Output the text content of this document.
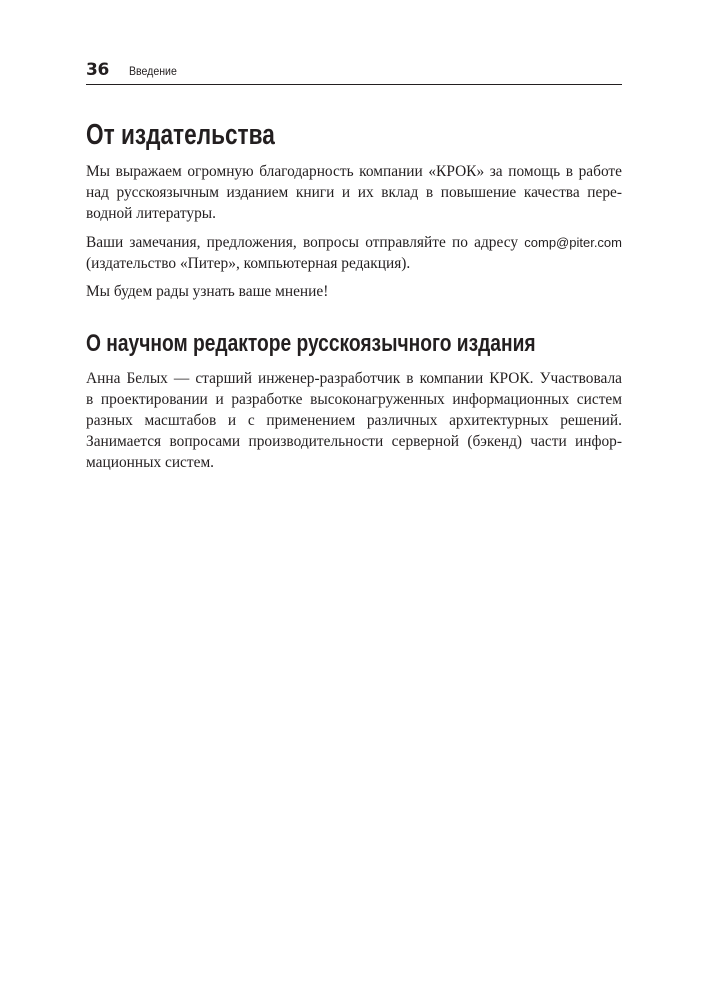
36 Введение
От издательства

Мы выражаем огромную благодарность компании «КРОК» за помощь в работе
над русскоязычным изданием книги и их вклад в повышение качества пере-
водной литературы.

Ваши замечания, предложения, вопросы отправляйте по адресу comp@piter.com
(издательство «Питер», компьютерная редакция).

Мы будем рады узнать ваше мнение!

О научном редакторе русскоязычного издания

Анна Белых — старший инженер-разработчик в компании КРОК. Участвовала
в проектировании и разработке высоконагруженных информационных систем
разных масштабов и с применением различных архитектурных решений.
Занимается вопросами производительности серверной (бэкенд) части инфор-
мационных систем.
